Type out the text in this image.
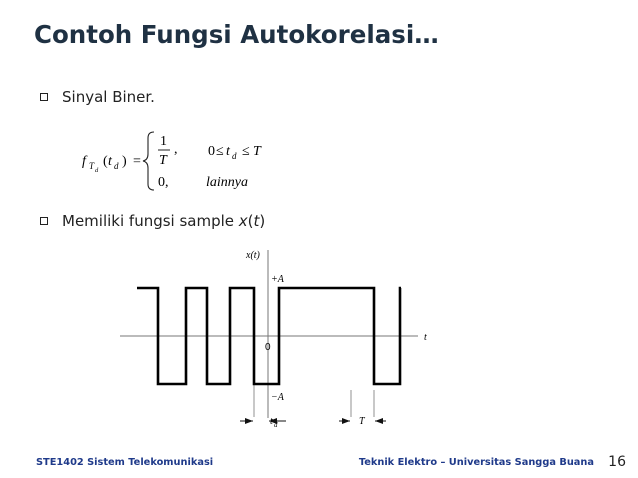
Contoh Fungsi Autokorelasi…
Sinyal Biner.
f T d
( t d ) =
1
T
, 0 ≤ t d ≤ T
0,	lainnya
Memiliki fungsi sample x ( t )
x(t)
+A
−A
t
0
t d	T
STE1402 Sistem Telekomunikasi	Teknik Elektro – Universitas Sangga Buana 16
